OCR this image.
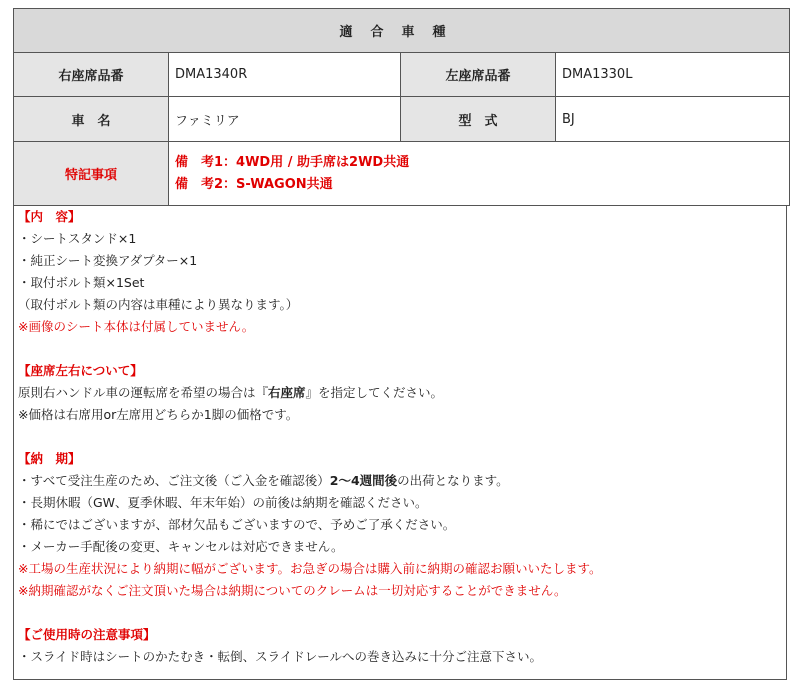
適合車種			
右座席品番	DMA1340R	左座席品番	DMA1330L
車　名	ファミリア	型　式	BJ
特記事項	備　考1：4WD用 / 助手席は2WD共通
備　考2：S-WAGON共通		

【内　容】

・シートスタンド×1

・純正シート変換アダプター×1

・取付ボルト類×1Set

（取付ボルト類の内容は車種により異なります。）

※画像のシート本体は付属していません。

【座席左右について】

原則右ハンドル車の運転席を希望の場合は『右座席』を指定してください。

※価格は右席用or左席用どちらか1脚の価格です。

【納　期】

・すべて受注生産のため、ご注文後（ご入金を確認後）2〜4週間後の出荷となります。

・長期休暇（GW、夏季休暇、年末年始）の前後は納期を確認ください。

・稀にではございますが、部材欠品もございますので、予めご了承ください。

・メーカー手配後の変更、キャンセルは対応できません。

※工場の生産状況により納期に幅がございます。お急ぎの場合は購入前に納期の確認お願いいたします。

※納期確認がなくご注文頂いた場合は納期についてのクレームは一切対応することができません。

【ご使用時の注意事項】

・スライド時はシートのかたむき・転倒、スライドレールへの巻き込みに十分ご注意下さい。
